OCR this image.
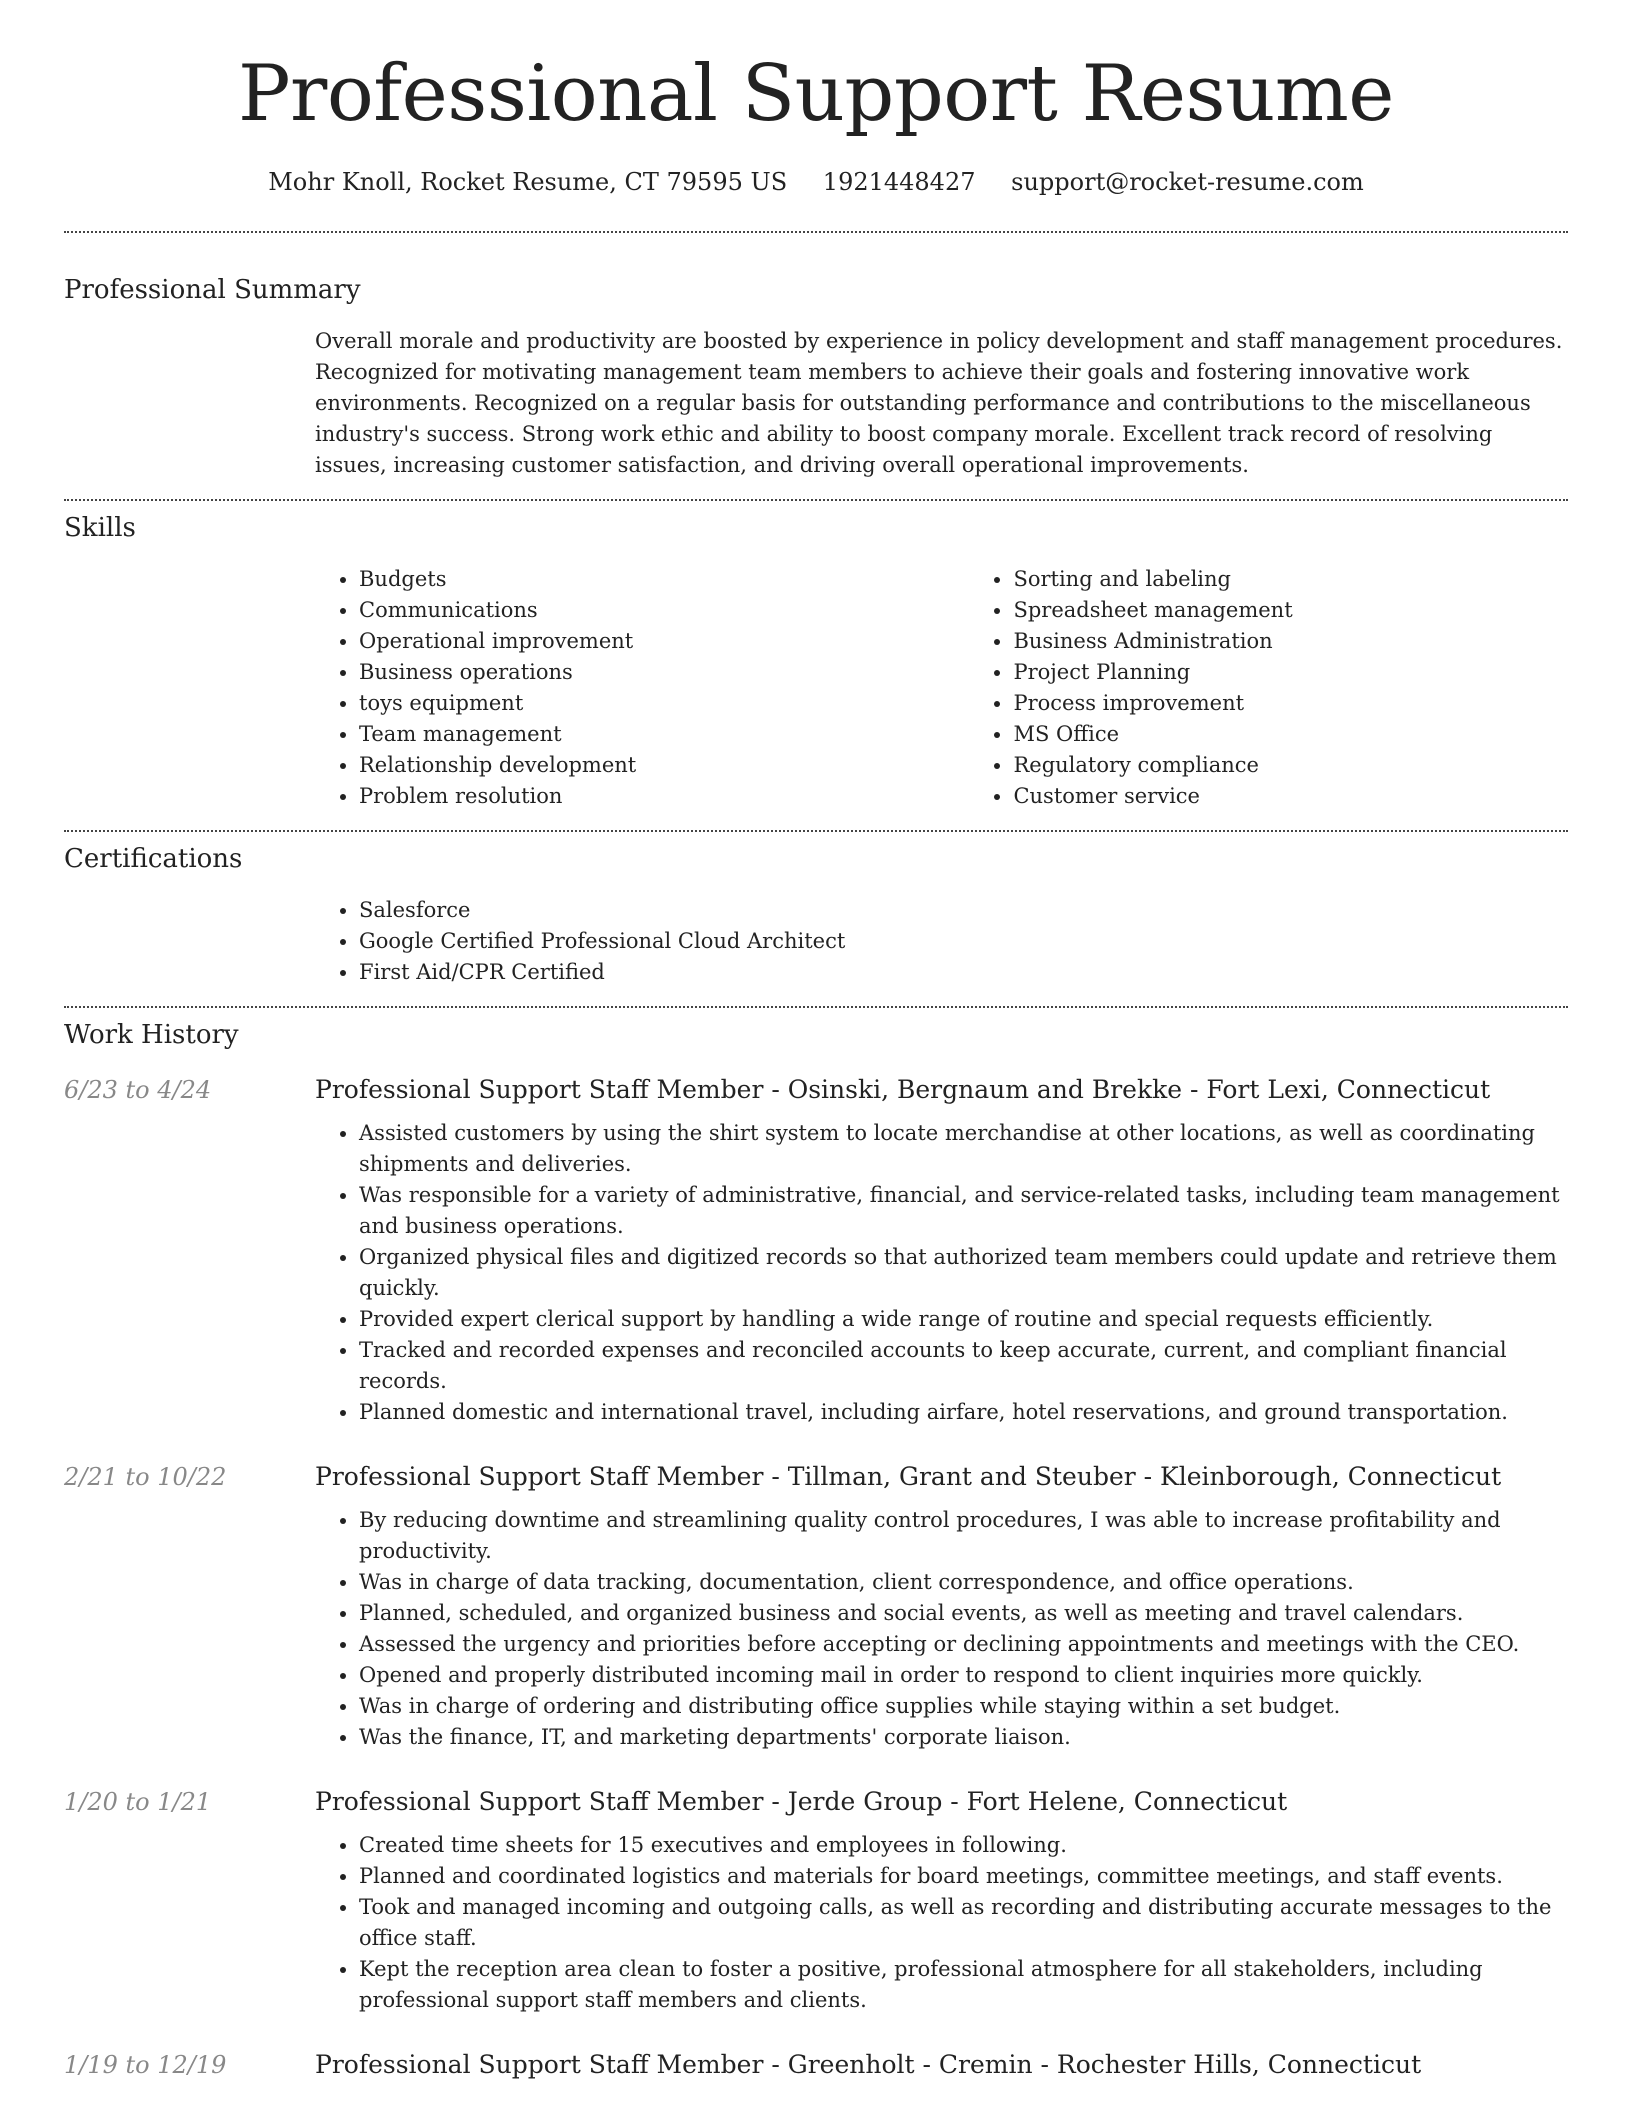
Professional Support Resume
Mohr Knoll, Rocket Resume, CT 79595 US 1921448427 support@rocket-resume.com
Professional Summary
Overall morale and productivity are boosted by experience in policy development and staff management procedures. Recognized for motivating management team members to achieve their goals and fostering innovative work environments. Recognized on a regular basis for outstanding performance and contributions to the miscellaneous industry's success. Strong work ethic and ability to boost company morale. Excellent track record of resolving issues, increasing customer satisfaction, and driving overall operational improvements.
Skills
• Budgets
• Communications
• Operational improvement
• Business operations
• toys equipment
• Team management
• Relationship development
• Problem resolution
• Sorting and labeling
• Spreadsheet management
• Business Administration
• Project Planning
• Process improvement
• MS Office
• Regulatory compliance
• Customer service
Certifications
• Salesforce
• Google Certified Professional Cloud Architect
• First Aid/CPR Certified
Work History
6/23 to 4/24	Professional Support Staff Member - Osinski, Bergnaum and Brekke - Fort Lexi, Connecticut
• Assisted customers by using the shirt system to locate merchandise at other locations, as well as coordinating shipments and deliveries.
• Was responsible for a variety of administrative, financial, and service-related tasks, including team management and business operations.
• Organized physical files and digitized records so that authorized team members could update and retrieve them quickly.
• Provided expert clerical support by handling a wide range of routine and special requests efficiently.
• Tracked and recorded expenses and reconciled accounts to keep accurate, current, and compliant financial records.
• Planned domestic and international travel, including airfare, hotel reservations, and ground transportation.
2/21 to 10/22	Professional Support Staff Member - Tillman, Grant and Steuber - Kleinborough, Connecticut
• By reducing downtime and streamlining quality control procedures, I was able to increase profitability and productivity.
• Was in charge of data tracking, documentation, client correspondence, and office operations.
• Planned, scheduled, and organized business and social events, as well as meeting and travel calendars.
• Assessed the urgency and priorities before accepting or declining appointments and meetings with the CEO.
• Opened and properly distributed incoming mail in order to respond to client inquiries more quickly.
• Was in charge of ordering and distributing office supplies while staying within a set budget.
• Was the finance, IT, and marketing departments' corporate liaison.
1/20 to 1/21	Professional Support Staff Member - Jerde Group - Fort Helene, Connecticut
• Created time sheets for 15 executives and employees in following.
• Planned and coordinated logistics and materials for board meetings, committee meetings, and staff events.
• Took and managed incoming and outgoing calls, as well as recording and distributing accurate messages to the office staff.
• Kept the reception area clean to foster a positive, professional atmosphere for all stakeholders, including professional support staff members and clients.
1/19 to 12/19	Professional Support Staff Member - Greenholt - Cremin - Rochester Hills, Connecticut
